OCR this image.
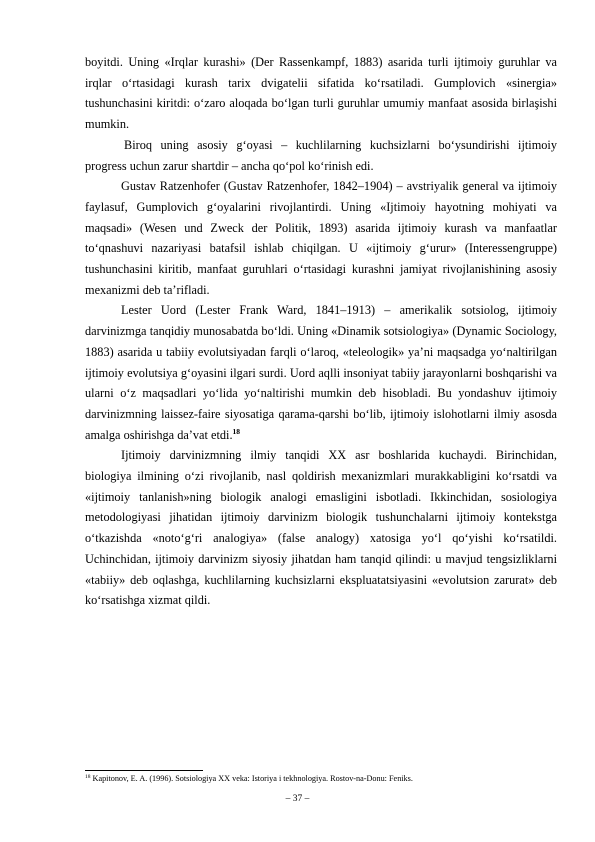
boyitdi. Uning «Irqlar kurashi» (Der Rassenkampf, 1883) asarida turli ijtimoiy guruhlar va irqlar o‘rtasidagi kurash tarix dvigatelii sifatida ko‘rsatiladi. Gumplovich «sinergia» tushunchasini kiritdi: o‘zaro aloqada bo‘lgan turli guruhlar umumiy manfaat asosida birlaşishi mumkin.

Biroq uning asosiy g‘oyasi – kuchlilarning kuchsizlarni bo‘ysundirishi ijtimoiy progress uchun zarur shartdir – ancha qo‘pol ko‘rinish edi.

Gustav Ratzenhofer (Gustav Ratzenhofer, 1842–1904) – avstriyalik general va ijtimoiy faylasuf, Gumplovich g‘oyalarini rivojlantirdi. Uning «Ijtimoiy hayotning mohiyati va maqsadi» (Wesen und Zweck der Politik, 1893) asarida ijtimoiy kurash va manfaatlar to‘qnashuvi nazariyasi batafsil ishlab chiqilgan. U «ijtimoiy g‘urur» (Interessengruppe) tushunchasini kiritib, manfaat guruhlari o‘rtasidagi kurashni jamiyat rivojlanishining asosiy mexanizmi deb ta’rifladi.

Lester Uord (Lester Frank Ward, 1841–1913) – amerikalik sotsiolog, ijtimoiy darvinizmga tanqidiy munosabatda bo‘ldi. Uning «Dinamik sotsiologiya» (Dynamic Sociology, 1883) asarida u tabiiy evolutsiyadan farqli o‘laroq, «teleologik» ya’ni maqsadga yo‘naltirilgan ijtimoiy evolutsiya g‘oyasini ilgari surdi. Uord aqlli insoniyat tabiiy jarayonlarni boshqarishi va ularni o‘z maqsadlari yo‘lida yo‘naltirishi mumkin deb hisobladi. Bu yondashuv ijtimoiy darvinizmning laissez-faire siyosatiga qarama-qarshi bo‘lib, ijtimoiy islohotlarni ilmiy asosda amalga oshirishga da’vat etdi.$^{18}$

Ijtimoiy darvinizmning ilmiy tanqidi XX asr boshlarida kuchaydi. Birinchidan, biologiya ilmining o‘zi rivojlanib, nasl qoldirish mexanizmlari murakkabligini ko‘rsatdi va «ijtimoiy tanlanish»ning biologik analogi emasligini isbotladi. Ikkinchidan, sosiologiya metodologiyasi jihatidan ijtimoiy darvinizm biologik tushunchalarni ijtimoiy kontekstga o‘tkazishda «noto‘g‘ri analogiya» (false analogy) xatosiga yo‘l qo‘yishi ko‘rsatildi. Uchinchidan, ijtimoiy darvinizm siyosiy jihatdan ham tanqid qilindi: u mavjud tengsizliklarni «tabiiy» deb oqlashga, kuchlilarning kuchsizlarni ekspluatatsiyasini «evolutsion zarurat» deb ko‘rsatishga xizmat qildi.

$^{18}$ Kapitonov, E. A. (1996). Sotsiologiya XX veka: Istoriya i tekhnologiya. Rostov-na-Donu: Feniks.
– 37 –
